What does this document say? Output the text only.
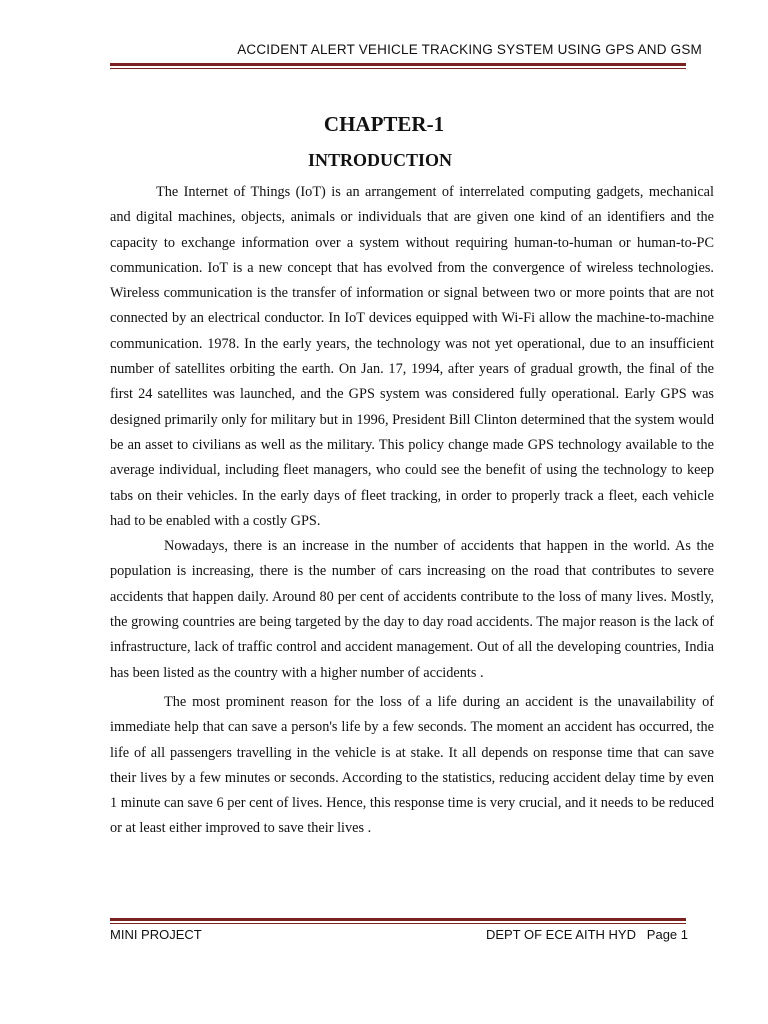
ACCIDENT ALERT VEHICLE TRACKING SYSTEM USING GPS AND GSM
CHAPTER-1
INTRODUCTION

The Internet of Things (IoT) is an arrangement of interrelated computing gadgets, mechanical and digital machines, objects, animals or individuals that are given one kind of an identifiers and the capacity to exchange information over a system without requiring human-to-human or human-to-PC communication. IoT is a new concept that has evolved from the convergence of wireless technologies. Wireless communication is the transfer of information or signal between two or more points that are not connected by an electrical conductor. In IoT devices equipped with Wi-Fi allow the machine-to-machine communication. 1978. In the early years, the technology was not yet operational, due to an insufficient number of satellites orbiting the earth. On Jan. 17, 1994, after years of gradual growth, the final of the first 24 satellites was launched, and the GPS system was considered fully operational. Early GPS was designed primarily only for military but in 1996, President Bill Clinton determined that the system would be an asset to civilians as well as the military. This policy change made GPS technology available to the average individual, including fleet managers, who could see the benefit of using the technology to keep tabs on their vehicles. In the early days of fleet tracking, in order to properly track a fleet, each vehicle had to be enabled with a costly GPS.

Nowadays, there is an increase in the number of accidents that happen in the world. As the population is increasing, there is the number of cars increasing on the road that contributes to severe accidents that happen daily. Around 80 per cent of accidents contribute to the loss of many lives. Mostly, the growing countries are being targeted by the day to day road accidents. The major reason is the lack of infrastructure, lack of traffic control and accident management. Out of all the developing countries, India has been listed as the country with a higher number of accidents .

The most prominent reason for the loss of a life during an accident is the unavailability of immediate help that can save a person's life by a few seconds. The moment an accident has occurred, the life of all passengers travelling in the vehicle is at stake. It all depends on response time that can save their lives by a few minutes or seconds. According to the statistics, reducing accident delay time by even 1 minute can save 6 per cent of lives. Hence, this response time is very crucial, and it needs to be reduced or at least either improved to save their lives .

MINI PROJECT	DEPT OF ECE AITH HYD   Page 1
